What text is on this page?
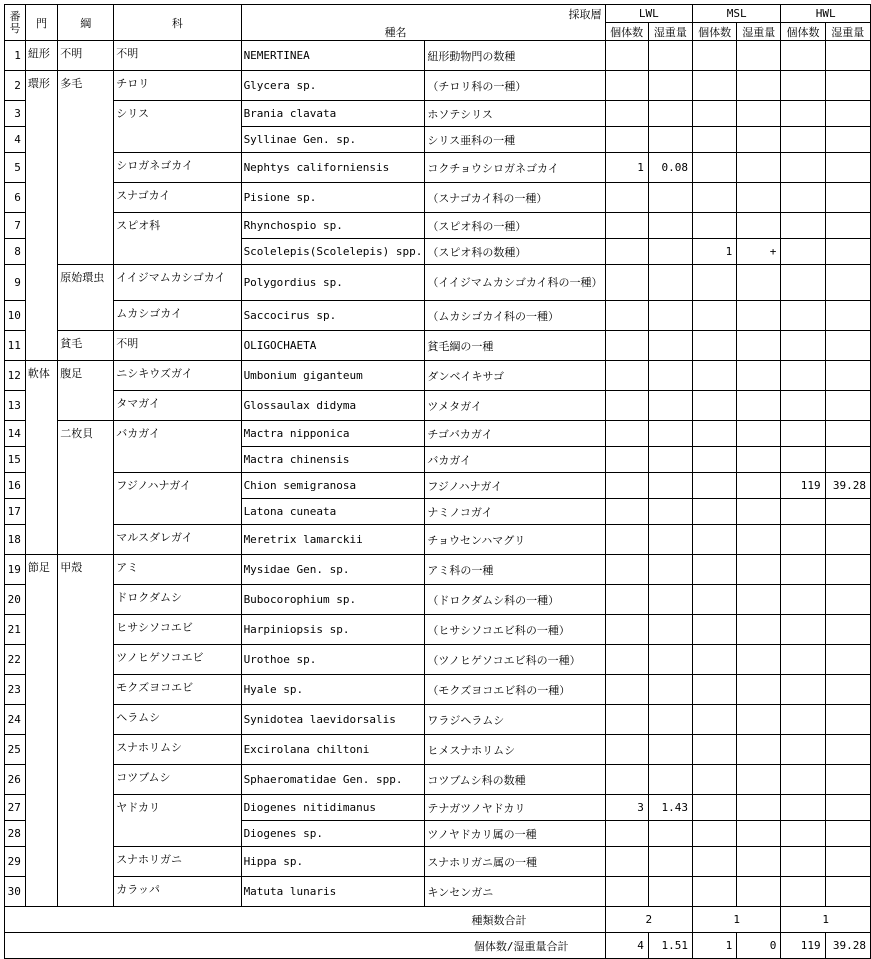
番
号	門	綱	科	種名
採取層		LWL		MSL		HWL	
						個体数	湿重量	個体数	湿重量	個体数	湿重量
1	紐形	不明	不明	NEMERTINEA	紐形動物門の数種						
2	環形	多毛	チロリ	Glycera sp.	（チロリ科の一種）						
3			シリス	Brania clavata	ホソテシリス						
4				Syllinae Gen. sp.	シリス亜科の一種						
5			シロガネゴカイ	Nephtys californiensis	コクチョウシロガネゴカイ	1	0.08				
6			スナゴカイ	Pisione sp.	（スナゴカイ科の一種）						
7			スピオ科	Rhynchospio sp.	（スピオ科の一種）						
8				Scolelepis(Scolelepis) spp.	（スピオ科の数種）			1	+		
9		原始環虫	イイジマムカシゴカイ	Polygordius sp.	（イイジマムカシゴカイ科の一種）						
10			ムカシゴカイ	Saccocirus sp.	（ムカシゴカイ科の一種）						
11		貧毛	不明	OLIGOCHAETA	貧毛綱の一種						
12	軟体	腹足	ニシキウズガイ	Umbonium giganteum	ダンベイキサゴ						
13			タマガイ	Glossaulax didyma	ツメタガイ						
14		二枚貝	バカガイ	Mactra nipponica	チゴバカガイ						
15				Mactra chinensis	バカガイ						
16			フジノハナガイ	Chion semigranosa	フジノハナガイ					119	39.28
17				Latona cuneata	ナミノコガイ						
18			マルスダレガイ	Meretrix lamarckii	チョウセンハマグリ						
19	節足	甲殻	アミ	Mysidae Gen. sp.	アミ科の一種						
20			ドロクダムシ	Bubocorophium sp.	（ドロクダムシ科の一種）						
21			ヒサシソコエビ	Harpiniopsis sp.	（ヒサシソコエビ科の一種）						
22			ツノヒゲソコエビ	Urothoe sp.	（ツノヒゲソコエビ科の一種）						
23			モクズヨコエビ	Hyale sp.	（モクズヨコエビ科の一種）						
24			ヘラムシ	Synidotea laevidorsalis	ワラジヘラムシ						
25			スナホリムシ	Excirolana chiltoni	ヒメスナホリムシ						
26			コツブムシ	Sphaeromatidae Gen. spp.	コツブムシ科の数種						
27			ヤドカリ	Diogenes nitidimanus	テナガツノヤドカリ	3	1.43				
28				Diogenes sp.	ツノヤドカリ属の一種						
29			スナホリガニ	Hippa sp.	スナホリガニ属の一種						
30			カラッパ	Matuta lunaris	キンセンガニ						
種類数合計						2		1		1	
個体数/湿重量合計						4	1.51	1	0	119	39.28
